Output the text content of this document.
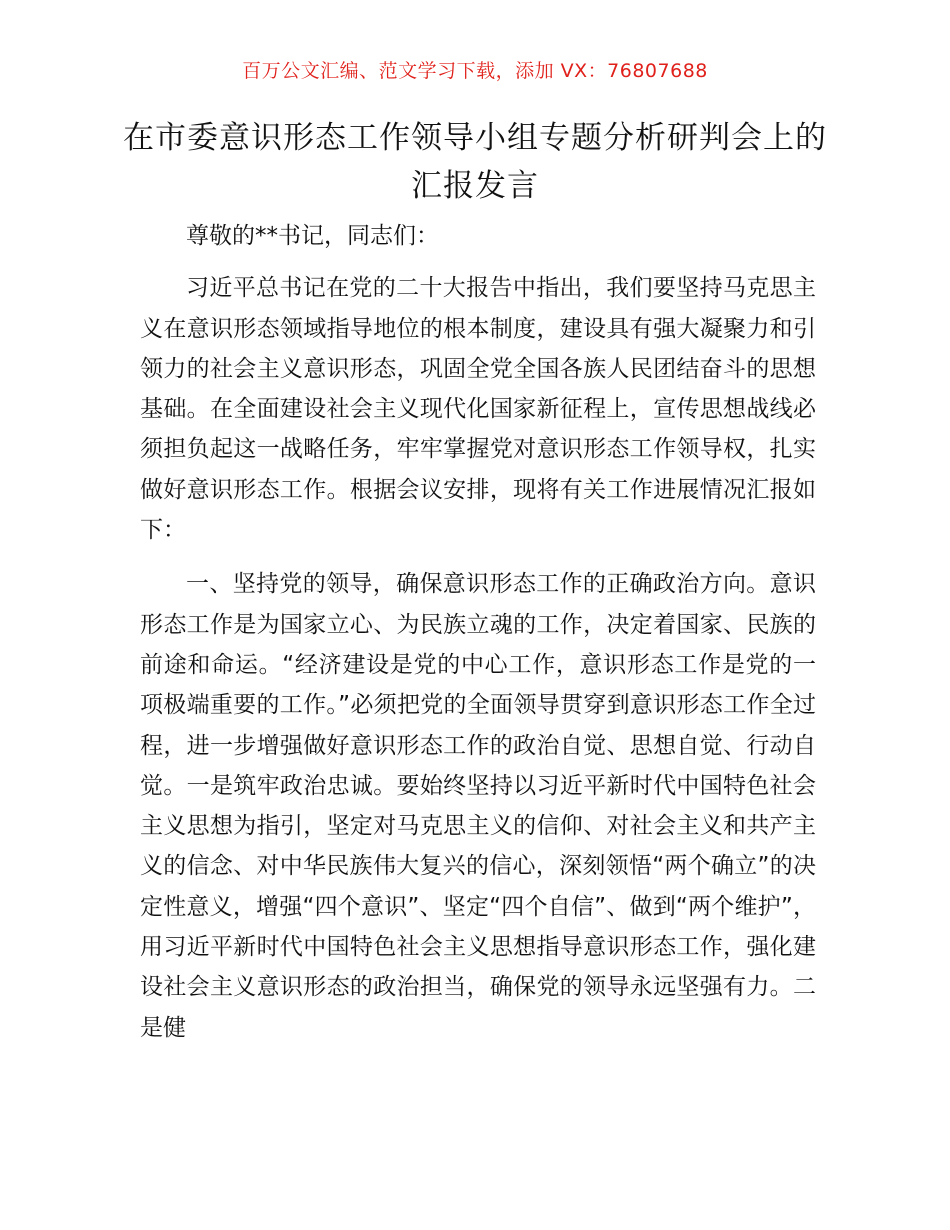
百万公文汇编、范文学习下载，添加 VX：76807688
在市委意识形态工作领导小组专题分析研判会上的汇报发言

尊敬的**书记，同志们：

习近平总书记在党的二十大报告中指出，我们要坚持马克思主义在意识形态领域指导地位的根本制度，建设具有强大凝聚力和引领力的社会主义意识形态，巩固全党全国各族人民团结奋斗的思想基础。在全面建设社会主义现代化国家新征程上，宣传思想战线必须担负起这一战略任务，牢牢掌握党对意识形态工作领导权，扎实做好意识形态工作。根据会议安排，现将有关工作进展情况汇报如下：

一、坚持党的领导，确保意识形态工作的正确政治方向。意识形态工作是为国家立心、为民族立魂的工作，决定着国家、民族的前途和命运。“经济建设是党的中心工作，意识形态工作是党的一项极端重要的工作。”必须把党的全面领导贯穿到意识形态工作全过程，进一步增强做好意识形态工作的政治自觉、思想自觉、行动自觉。一是筑牢政治忠诚。要始终坚持以习近平新时代中国特色社会主义思想为指引，坚定对马克思主义的信仰、对社会主义和共产主义的信念、对中华民族伟大复兴的信心，深刻领悟“两个确立”的决定性意义，增强“四个意识”、坚定“四个自信”、做到“两个维护”，用习近平新时代中国特色社会主义思想指导意识形态工作，强化建设社会主义意识形态的政治担当，确保党的领导永远坚强有力。二是健
